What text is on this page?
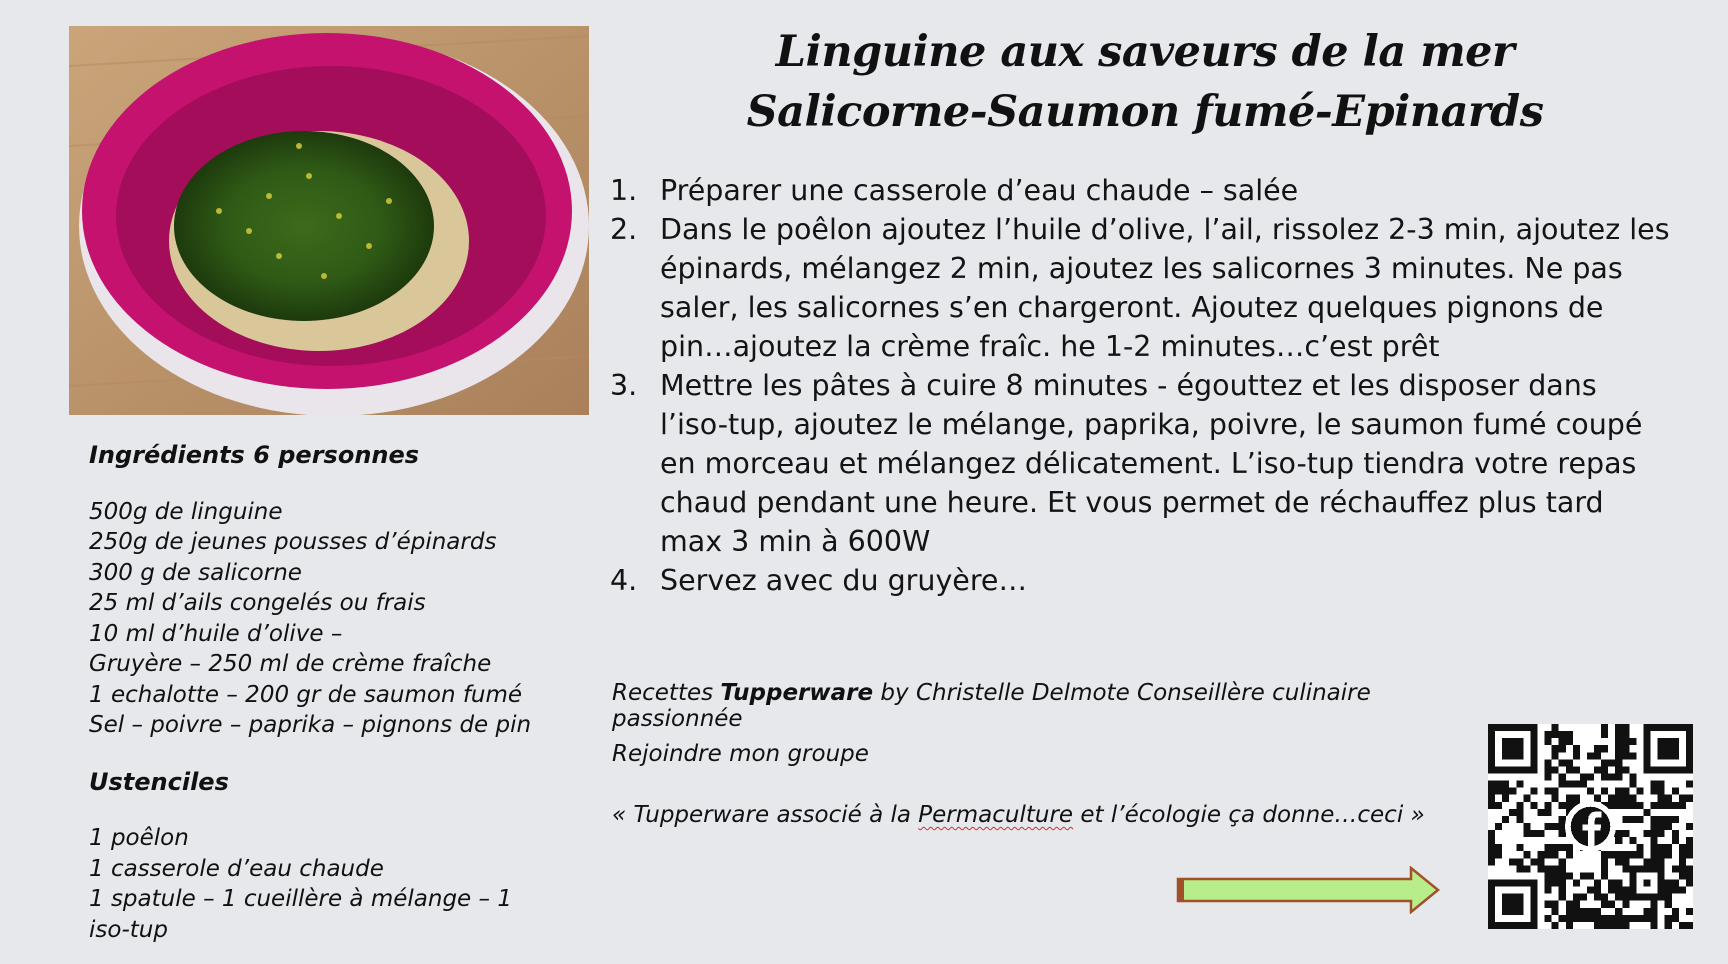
Linguine aux saveurs de la mer
Salicorne-Saumon fumé-Epinards
Ingrédients 6 personnes
500g de linguine
250g de jeunes pousses d’épinards
300 g de salicorne
25 ml d’ails congelés ou frais
10 ml d’huile d’olive –
Gruyère – 250 ml de crème fraîche
1 echalotte – 200 gr de saumon fumé
Sel – poivre – paprika – pignons de pin
Ustenciles
1 poêlon
1 casserole d’eau chaude
1 spatule – 1 cueillère à mélange – 1 iso-tup
1. Préparer une casserole d’eau chaude – salée
2. Dans le poêlon ajoutez l’huile d’olive, l’ail, rissolez 2-3 min, ajoutez les épinards, mélangez 2 min, ajoutez les salicornes 3 minutes. Ne pas saler, les salicornes s’en chargeront. Ajoutez quelques pignons de pin…ajoutez la crème fraîc. he 1-2 minutes…c’est prêt
3. Mettre les pâtes à cuire 8 minutes - égouttez et les disposer dans l’iso-tup, ajoutez le mélange, paprika, poivre, le saumon fumé coupé en morceau et mélangez délicatement. L’iso-tup tiendra votre repas chaud pendant une heure. Et vous permet de réchauffez plus tard max 3 min à 600W
4. Servez avec du gruyère…
Recettes Tupperware by Christelle Delmote Conseillère culinaire passionnée
Rejoindre mon groupe
« Tupperware associé à la Permaculture et l’écologie ça donne…ceci »
